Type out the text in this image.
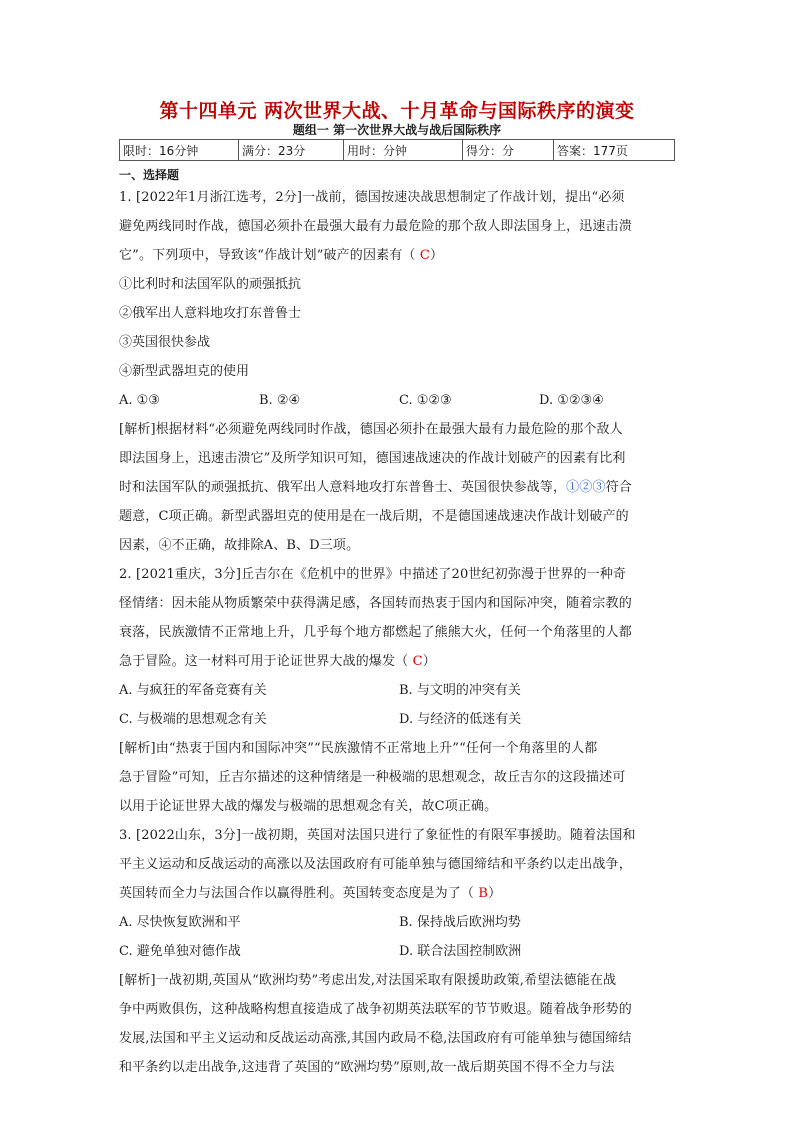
第十四单元 两次世界大战、十月革命与国际秩序的演变
题组一 第一次世界大战与战后国际秩序
限时：16分钟	满分：23分	用时：分钟	得分：分	答案：177页

一、选择题

1. [2022年1月浙江选考，2分]一战前，德国按速决战思想制定了作战计划，提出“必须

避免两线同时作战，德国必须扑在最强大最有力最危险的那个敌人即法国身上，迅速击溃

它”。下列项中，导致该“作战计划”破产的因素有（ C）

①比利时和法国军队的顽强抵抗

②俄军出人意料地攻打东普鲁士

③英国很快参战

④新型武器坦克的使用

A. ①③	B. ②④	C. ①②③	D. ①②③④

[解析]根据材料“必须避免两线同时作战，德国必须扑在最强大最有力最危险的那个敌人

即法国身上，迅速击溃它”及所学知识可知，德国速战速决的作战计划破产的因素有比利

时和法国军队的顽强抵抗、俄军出人意料地攻打东普鲁士、英国很快参战等，①②③符合

题意，C项正确。新型武器坦克的使用是在一战后期，不是德国速战速决作战计划破产的

因素，④不正确，故排除A、B、D三项。

2. [2021重庆，3分]丘吉尔在《危机中的世界》中描述了20世纪初弥漫于世界的一种奇

怪情绪：因未能从物质繁荣中获得满足感，各国转而热衷于国内和国际冲突，随着宗教的

衰落，民族激情不正常地上升，几乎每个地方都燃起了熊熊大火，任何一个角落里的人都

急于冒险。这一材料可用于论证世界大战的爆发（ C）

A. 与疯狂的军备竞赛有关	B. 与文明的冲突有关

C. 与极端的思想观念有关	D. 与经济的低迷有关

[解析]由“热衷于国内和国际冲突”“民族激情不正常地上升”“任何一个角落里的人都

急于冒险”可知，丘吉尔描述的这种情绪是一种极端的思想观念，故丘吉尔的这段描述可

以用于论证世界大战的爆发与极端的思想观念有关，故C项正确。

3. [2022山东，3分]一战初期，英国对法国只进行了象征性的有限军事援助。随着法国和

平主义运动和反战运动的高涨以及法国政府有可能单独与德国缔结和平条约以走出战争，

英国转而全力与法国合作以赢得胜利。英国转变态度是为了（ B）

A. 尽快恢复欧洲和平	B. 保持战后欧洲均势

C. 避免单独对德作战	D. 联合法国控制欧洲

[解析]一战初期,英国从“欧洲均势”考虑出发,对法国采取有限援助政策,希望法德能在战

争中两败俱伤，这种战略构想直接造成了战争初期英法联军的节节败退。随着战争形势的

发展,法国和平主义运动和反战运动高涨,其国内政局不稳,法国政府有可能单独与德国缔结

和平条约以走出战争,这违背了英国的“欧洲均势”原则,故一战后期英国不得不全力与法
